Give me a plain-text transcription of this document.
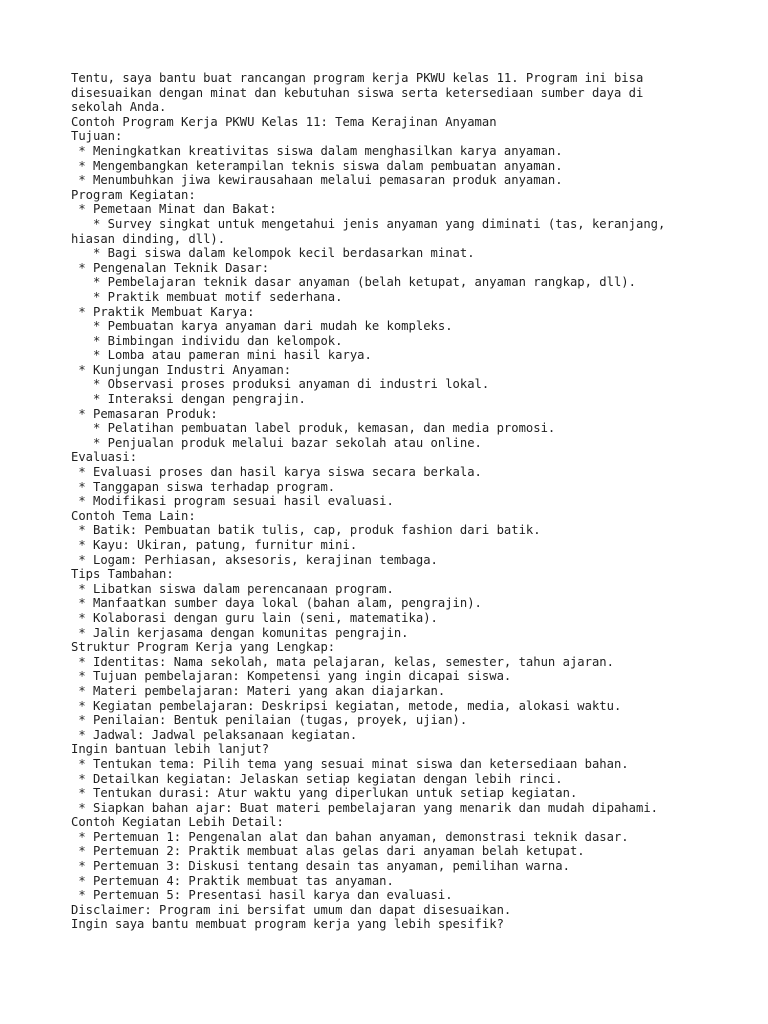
Tentu, saya bantu buat rancangan program kerja PKWU kelas 11. Program ini bisa
disesuaikan dengan minat dan kebutuhan siswa serta ketersediaan sumber daya di
sekolah Anda.
Contoh Program Kerja PKWU Kelas 11: Tema Kerajinan Anyaman
Tujuan:
* Meningkatkan kreativitas siswa dalam menghasilkan karya anyaman.
* Mengembangkan keterampilan teknis siswa dalam pembuatan anyaman.
* Menumbuhkan jiwa kewirausahaan melalui pemasaran produk anyaman.
Program Kegiatan:
* Pemetaan Minat dan Bakat:
* Survey singkat untuk mengetahui jenis anyaman yang diminati (tas, keranjang,
hiasan dinding, dll).
* Bagi siswa dalam kelompok kecil berdasarkan minat.
* Pengenalan Teknik Dasar:
* Pembelajaran teknik dasar anyaman (belah ketupat, anyaman rangkap, dll).
* Praktik membuat motif sederhana.
* Praktik Membuat Karya:
* Pembuatan karya anyaman dari mudah ke kompleks.
* Bimbingan individu dan kelompok.
* Lomba atau pameran mini hasil karya.
* Kunjungan Industri Anyaman:
* Observasi proses produksi anyaman di industri lokal.
* Interaksi dengan pengrajin.
* Pemasaran Produk:
* Pelatihan pembuatan label produk, kemasan, dan media promosi.
* Penjualan produk melalui bazar sekolah atau online.
Evaluasi:
* Evaluasi proses dan hasil karya siswa secara berkala.
* Tanggapan siswa terhadap program.
* Modifikasi program sesuai hasil evaluasi.
Contoh Tema Lain:
* Batik: Pembuatan batik tulis, cap, produk fashion dari batik.
* Kayu: Ukiran, patung, furnitur mini.
* Logam: Perhiasan, aksesoris, kerajinan tembaga.
Tips Tambahan:
* Libatkan siswa dalam perencanaan program.
* Manfaatkan sumber daya lokal (bahan alam, pengrajin).
* Kolaborasi dengan guru lain (seni, matematika).
* Jalin kerjasama dengan komunitas pengrajin.
Struktur Program Kerja yang Lengkap:
* Identitas: Nama sekolah, mata pelajaran, kelas, semester, tahun ajaran.
* Tujuan pembelajaran: Kompetensi yang ingin dicapai siswa.
* Materi pembelajaran: Materi yang akan diajarkan.
* Kegiatan pembelajaran: Deskripsi kegiatan, metode, media, alokasi waktu.
* Penilaian: Bentuk penilaian (tugas, proyek, ujian).
* Jadwal: Jadwal pelaksanaan kegiatan.
Ingin bantuan lebih lanjut?
* Tentukan tema: Pilih tema yang sesuai minat siswa dan ketersediaan bahan.
* Detailkan kegiatan: Jelaskan setiap kegiatan dengan lebih rinci.
* Tentukan durasi: Atur waktu yang diperlukan untuk setiap kegiatan.
* Siapkan bahan ajar: Buat materi pembelajaran yang menarik dan mudah dipahami.
Contoh Kegiatan Lebih Detail:
* Pertemuan 1: Pengenalan alat dan bahan anyaman, demonstrasi teknik dasar.
* Pertemuan 2: Praktik membuat alas gelas dari anyaman belah ketupat.
* Pertemuan 3: Diskusi tentang desain tas anyaman, pemilihan warna.
* Pertemuan 4: Praktik membuat tas anyaman.
* Pertemuan 5: Presentasi hasil karya dan evaluasi.
Disclaimer: Program ini bersifat umum dan dapat disesuaikan.
Ingin saya bantu membuat program kerja yang lebih spesifik?
